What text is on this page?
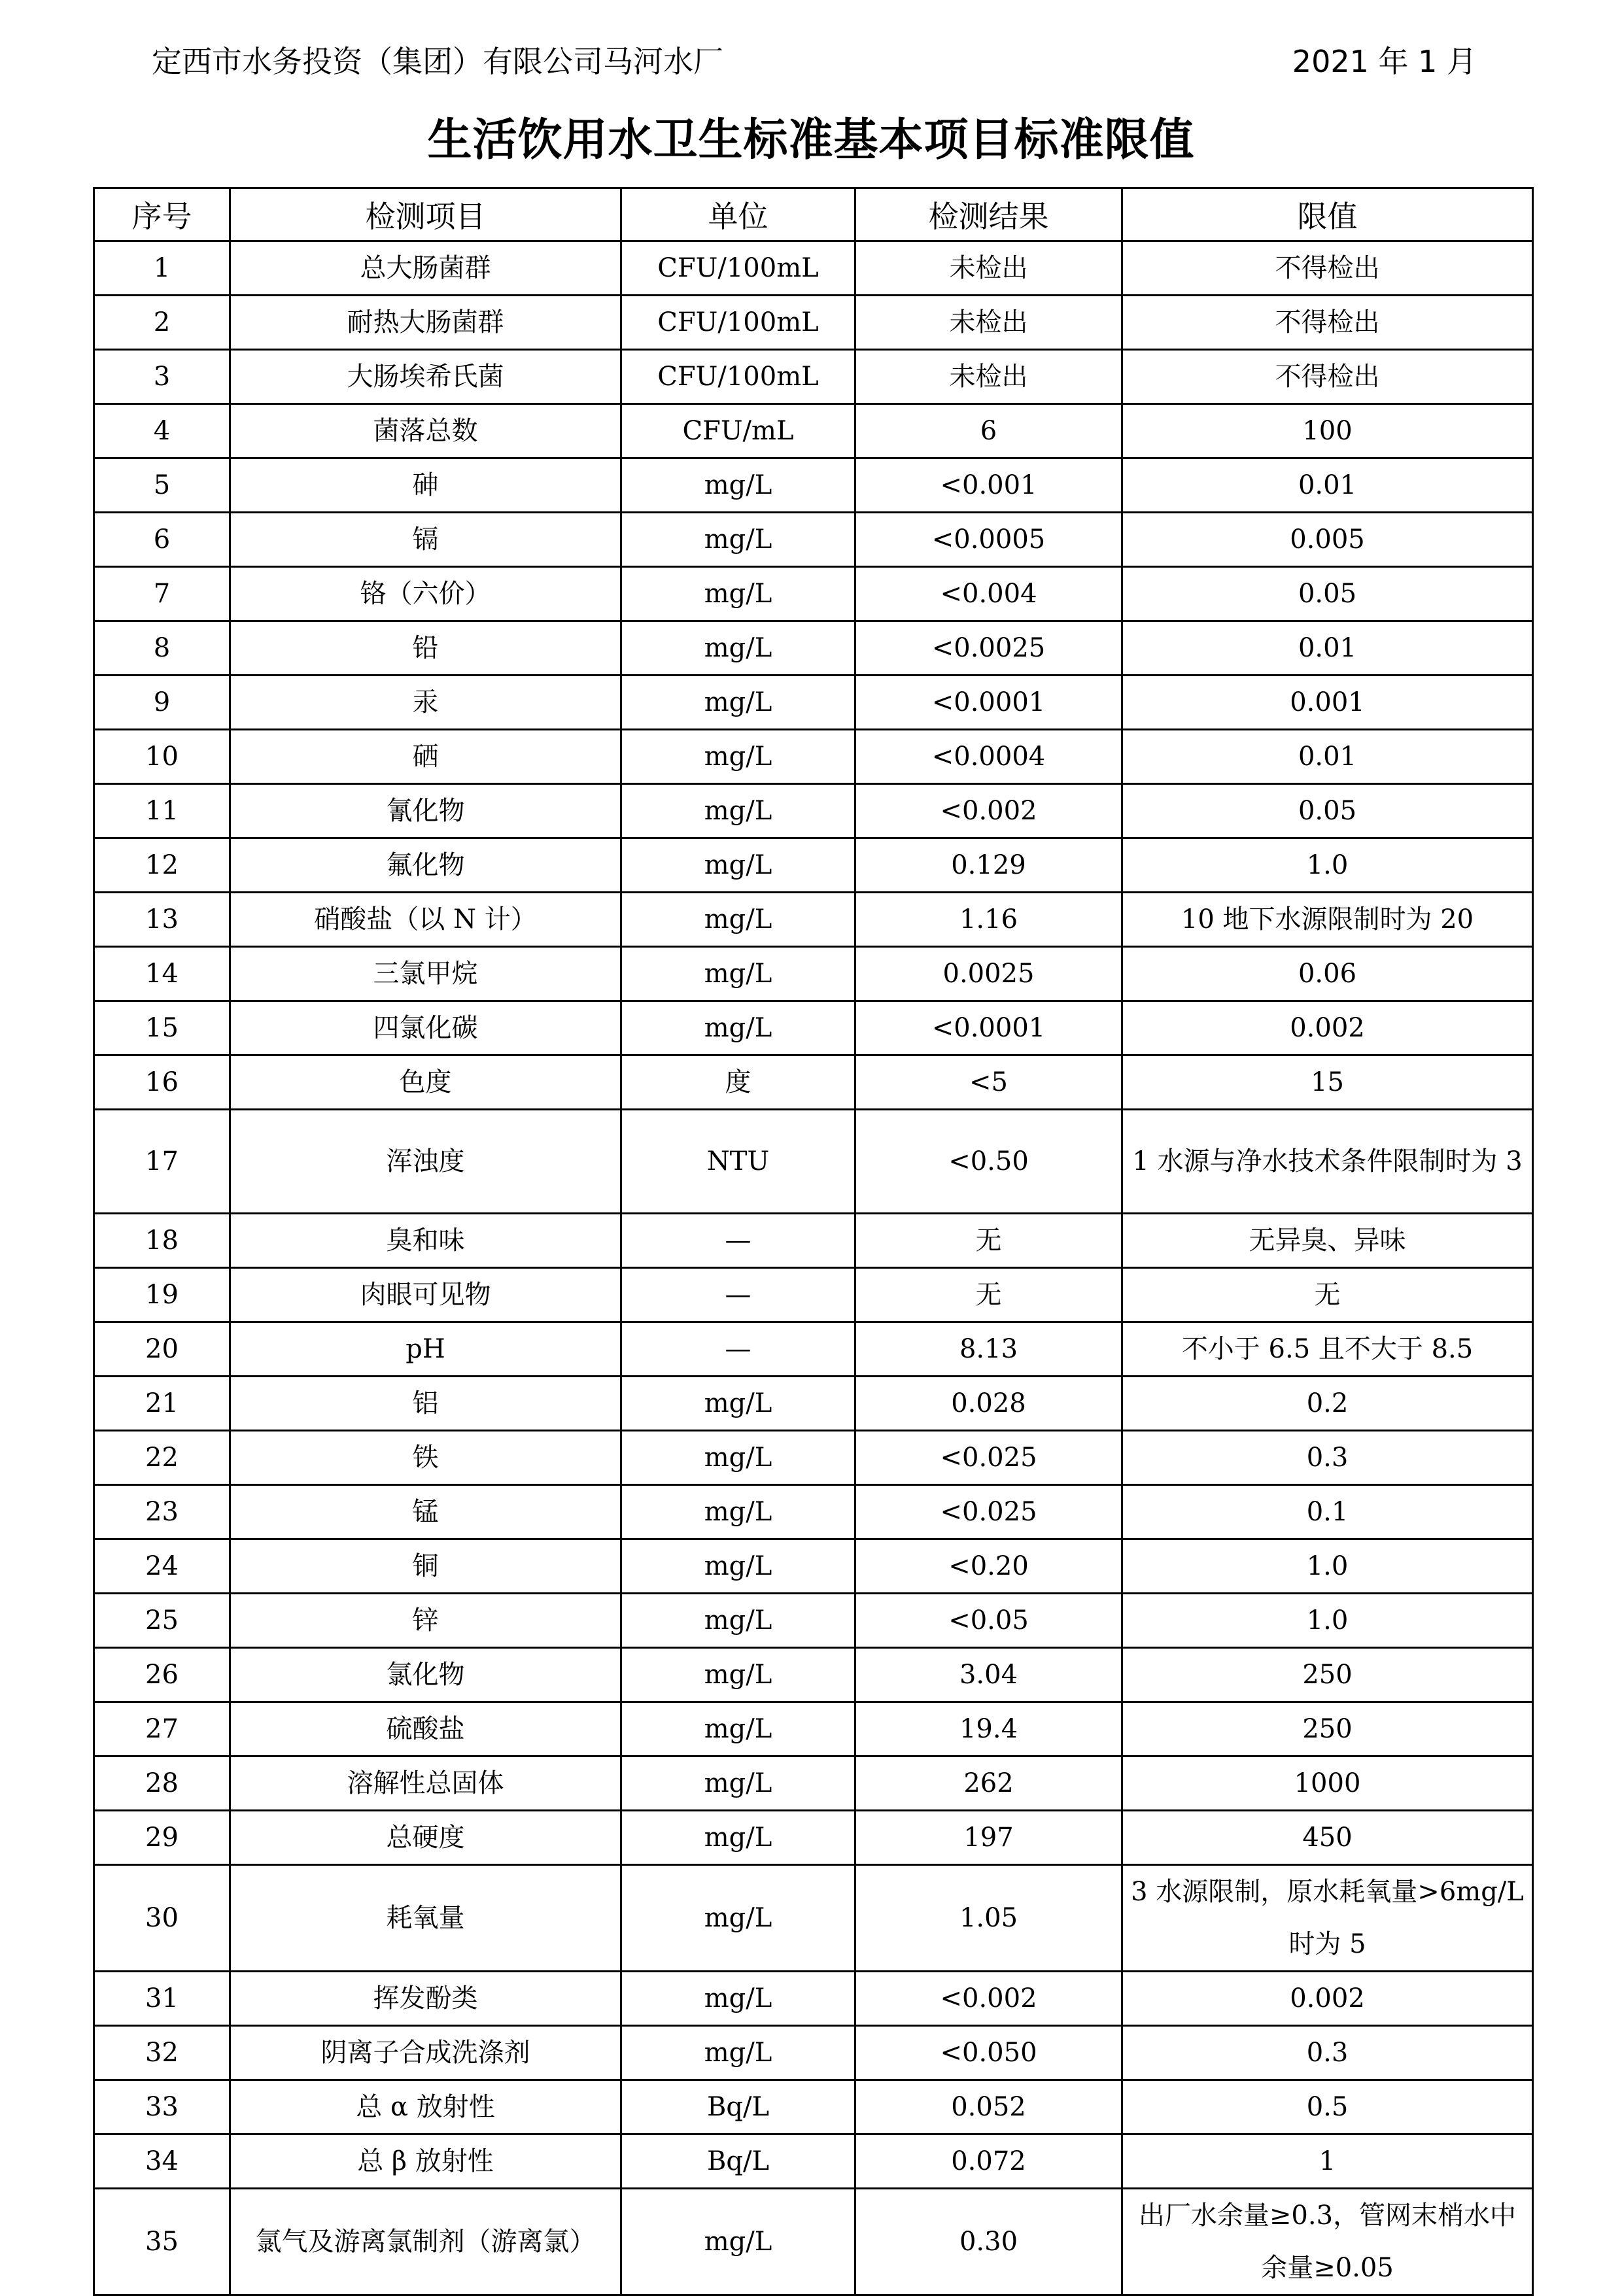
定西市水务投资（集团）有限公司马河水厂	2021 年 1 月
生活饮用水卫生标准基本项目标准限值
序号	检测项目	单位	检测结果	限值
1	总大肠菌群	CFU/100mL	未检出	不得检出
2	耐热大肠菌群	CFU/100mL	未检出	不得检出
3	大肠埃希氏菌	CFU/100mL	未检出	不得检出
4	菌落总数	CFU/mL	6	100
5	砷	mg/L	<0.001	0.01
6	镉	mg/L	<0.0005	0.005
7	铬（六价）	mg/L	<0.004	0.05
8	铅	mg/L	<0.0025	0.01
9	汞	mg/L	<0.0001	0.001
10	硒	mg/L	<0.0004	0.01
11	氰化物	mg/L	<0.002	0.05
12	氟化物	mg/L	0.129	1.0
13	硝酸盐（以 N 计）	mg/L	1.16	10 地下水源限制时为 20
14	三氯甲烷	mg/L	0.0025	0.06
15	四氯化碳	mg/L	<0.0001	0.002
16	色度	度	<5	15
17	浑浊度	NTU	<0.50	1 水源与净水技术条件限制时为 3
18	臭和味	—	无	无异臭、异味
19	肉眼可见物	—	无	无
20	pH	—	8.13	不小于 6.5 且不大于 8.5
21	铝	mg/L	0.028	0.2
22	铁	mg/L	<0.025	0.3
23	锰	mg/L	<0.025	0.1
24	铜	mg/L	<0.20	1.0
25	锌	mg/L	<0.05	1.0
26	氯化物	mg/L	3.04	250
27	硫酸盐	mg/L	19.4	250
28	溶解性总固体	mg/L	262	1000
29	总硬度	mg/L	197	450
30	耗氧量	mg/L	1.05	3 水源限制，原水耗氧量>6mg/L 时为 5
31	挥发酚类	mg/L	<0.002	0.002
32	阴离子合成洗涤剂	mg/L	<0.050	0.3
33	总 α 放射性	Bq/L	0.052	0.5
34	总 β 放射性	Bq/L	0.072	1
35	氯气及游离氯制剂（游离氯）	mg/L	0.30	出厂水余量≥0.3，管网末梢水中余量≥0.05
